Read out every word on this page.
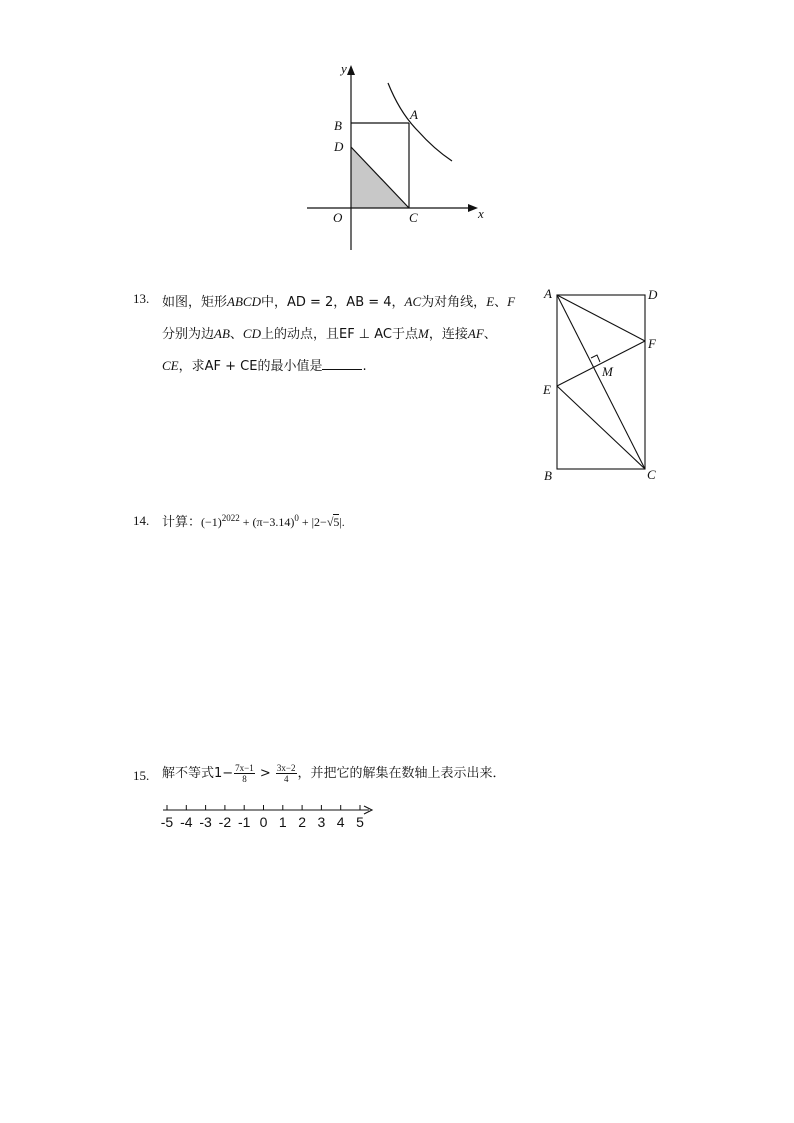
y
x
B
A
D
O	C
13. 如图，矩形ABCD中，AD = 2，AB = 4，AC为对角线，E、F
分别为边AB、CD上的动点，且EF ⊥ AC于点M，连接AF、
CE，求AF + CE的最小值是	.
A	D
F
M
E
B	C
14. 计算：$(-1)^{2022} + (\pi-3.14)^0 + |2-√5|$.
15. 解不等式$1- \frac{7x-1}{8} > \frac{3x-2}{4}$ ，并把它的解集在数轴上表示出来．
-5 -4 -3 -2 -1 0 1 2 3 4 5
